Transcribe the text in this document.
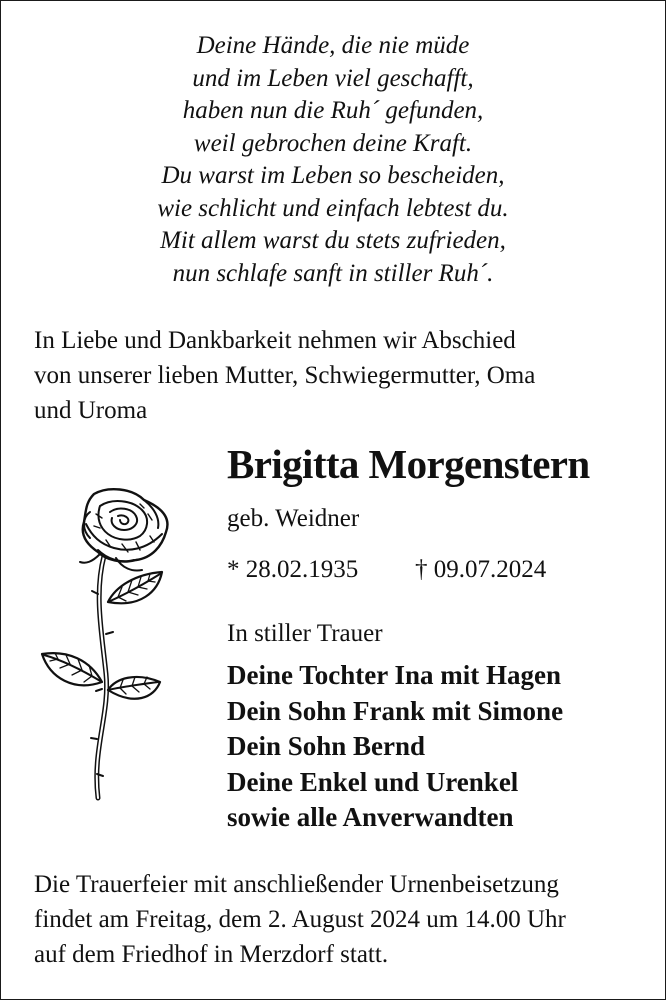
Deine Hände, die nie müde
und im Leben viel geschafft,
haben nun die Ruh´ gefunden,
weil gebrochen deine Kraft.
Du warst im Leben so bescheiden,
wie schlicht und einfach lebtest du.
Mit allem warst du stets zufrieden,
nun schlafe sanft in stiller Ruh´.
In Liebe und Dankbarkeit nehmen wir Abschied
von unserer lieben Mutter, Schwiegermutter, Oma
und Uroma
Brigitta Morgenstern
geb. Weidner
* 28.02.1935 † 09.07.2024
In stiller Trauer
Deine Tochter Ina mit Hagen
Dein Sohn Frank mit Simone
Dein Sohn Bernd
Deine Enkel und Urenkel
sowie alle Anverwandten
Die Trauerfeier mit anschließender Urnenbeisetzung
findet am Freitag, dem 2. August 2024 um 14.00 Uhr
auf dem Friedhof in Merzdorf statt.
